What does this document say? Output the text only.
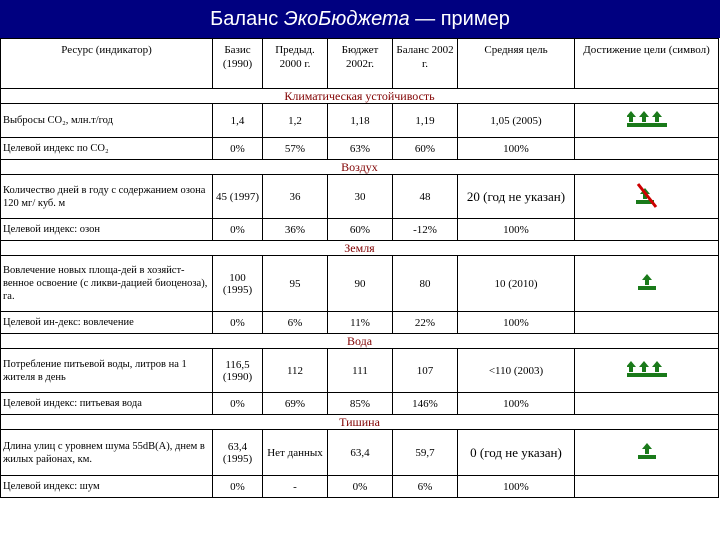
Баланс ЭкоБюджета — пример
Ресурс (индикатор)	Базис (1990)	Предыд. 2000 г.	Бюджет 2002г.	Баланс 2002 г.	Средняя цель	Достижение цели (символ)
Климатическая устойчивость						
Выбросы CO₂, млн.т/год	1,4	1,2	1,18	1,19	1,05 (2005)	
Целевой индекс по CO₂	0%	57%	63%	60%	100%	
Воздух						
Количество дней в году с содержанием озона 120 мг/ куб. м	45 (1997)	36	30	48	20 (год не указан)	
Целевой индекс: озон	0%	36%	60%	-12%	100%	
Земля						
Вовлечение новых площа-дей в хозяйст-венное освоение (с ликви-дацией биоценоза), га.	100 (1995)	95	90	80	10 (2010)	
Целевой ин-декс: вовлечение	0%	6%	11%	22%	100%	
Вода						
Потребление питьевой воды, литров на 1 жителя в день	116,5 (1990)	112	111	107	<110 (2003)	
Целевой индекс: питьевая вода	0%	69%	85%	146%	100%	
Тишина						
Длина улиц с уровнем шума 55dB(A), днем в жилых районах, км.	63,4 (1995)	Нет данных	63,4	59,7	0 (год не указан)	
Целевой индекс: шум	0%	-	0%	6%	100%	
